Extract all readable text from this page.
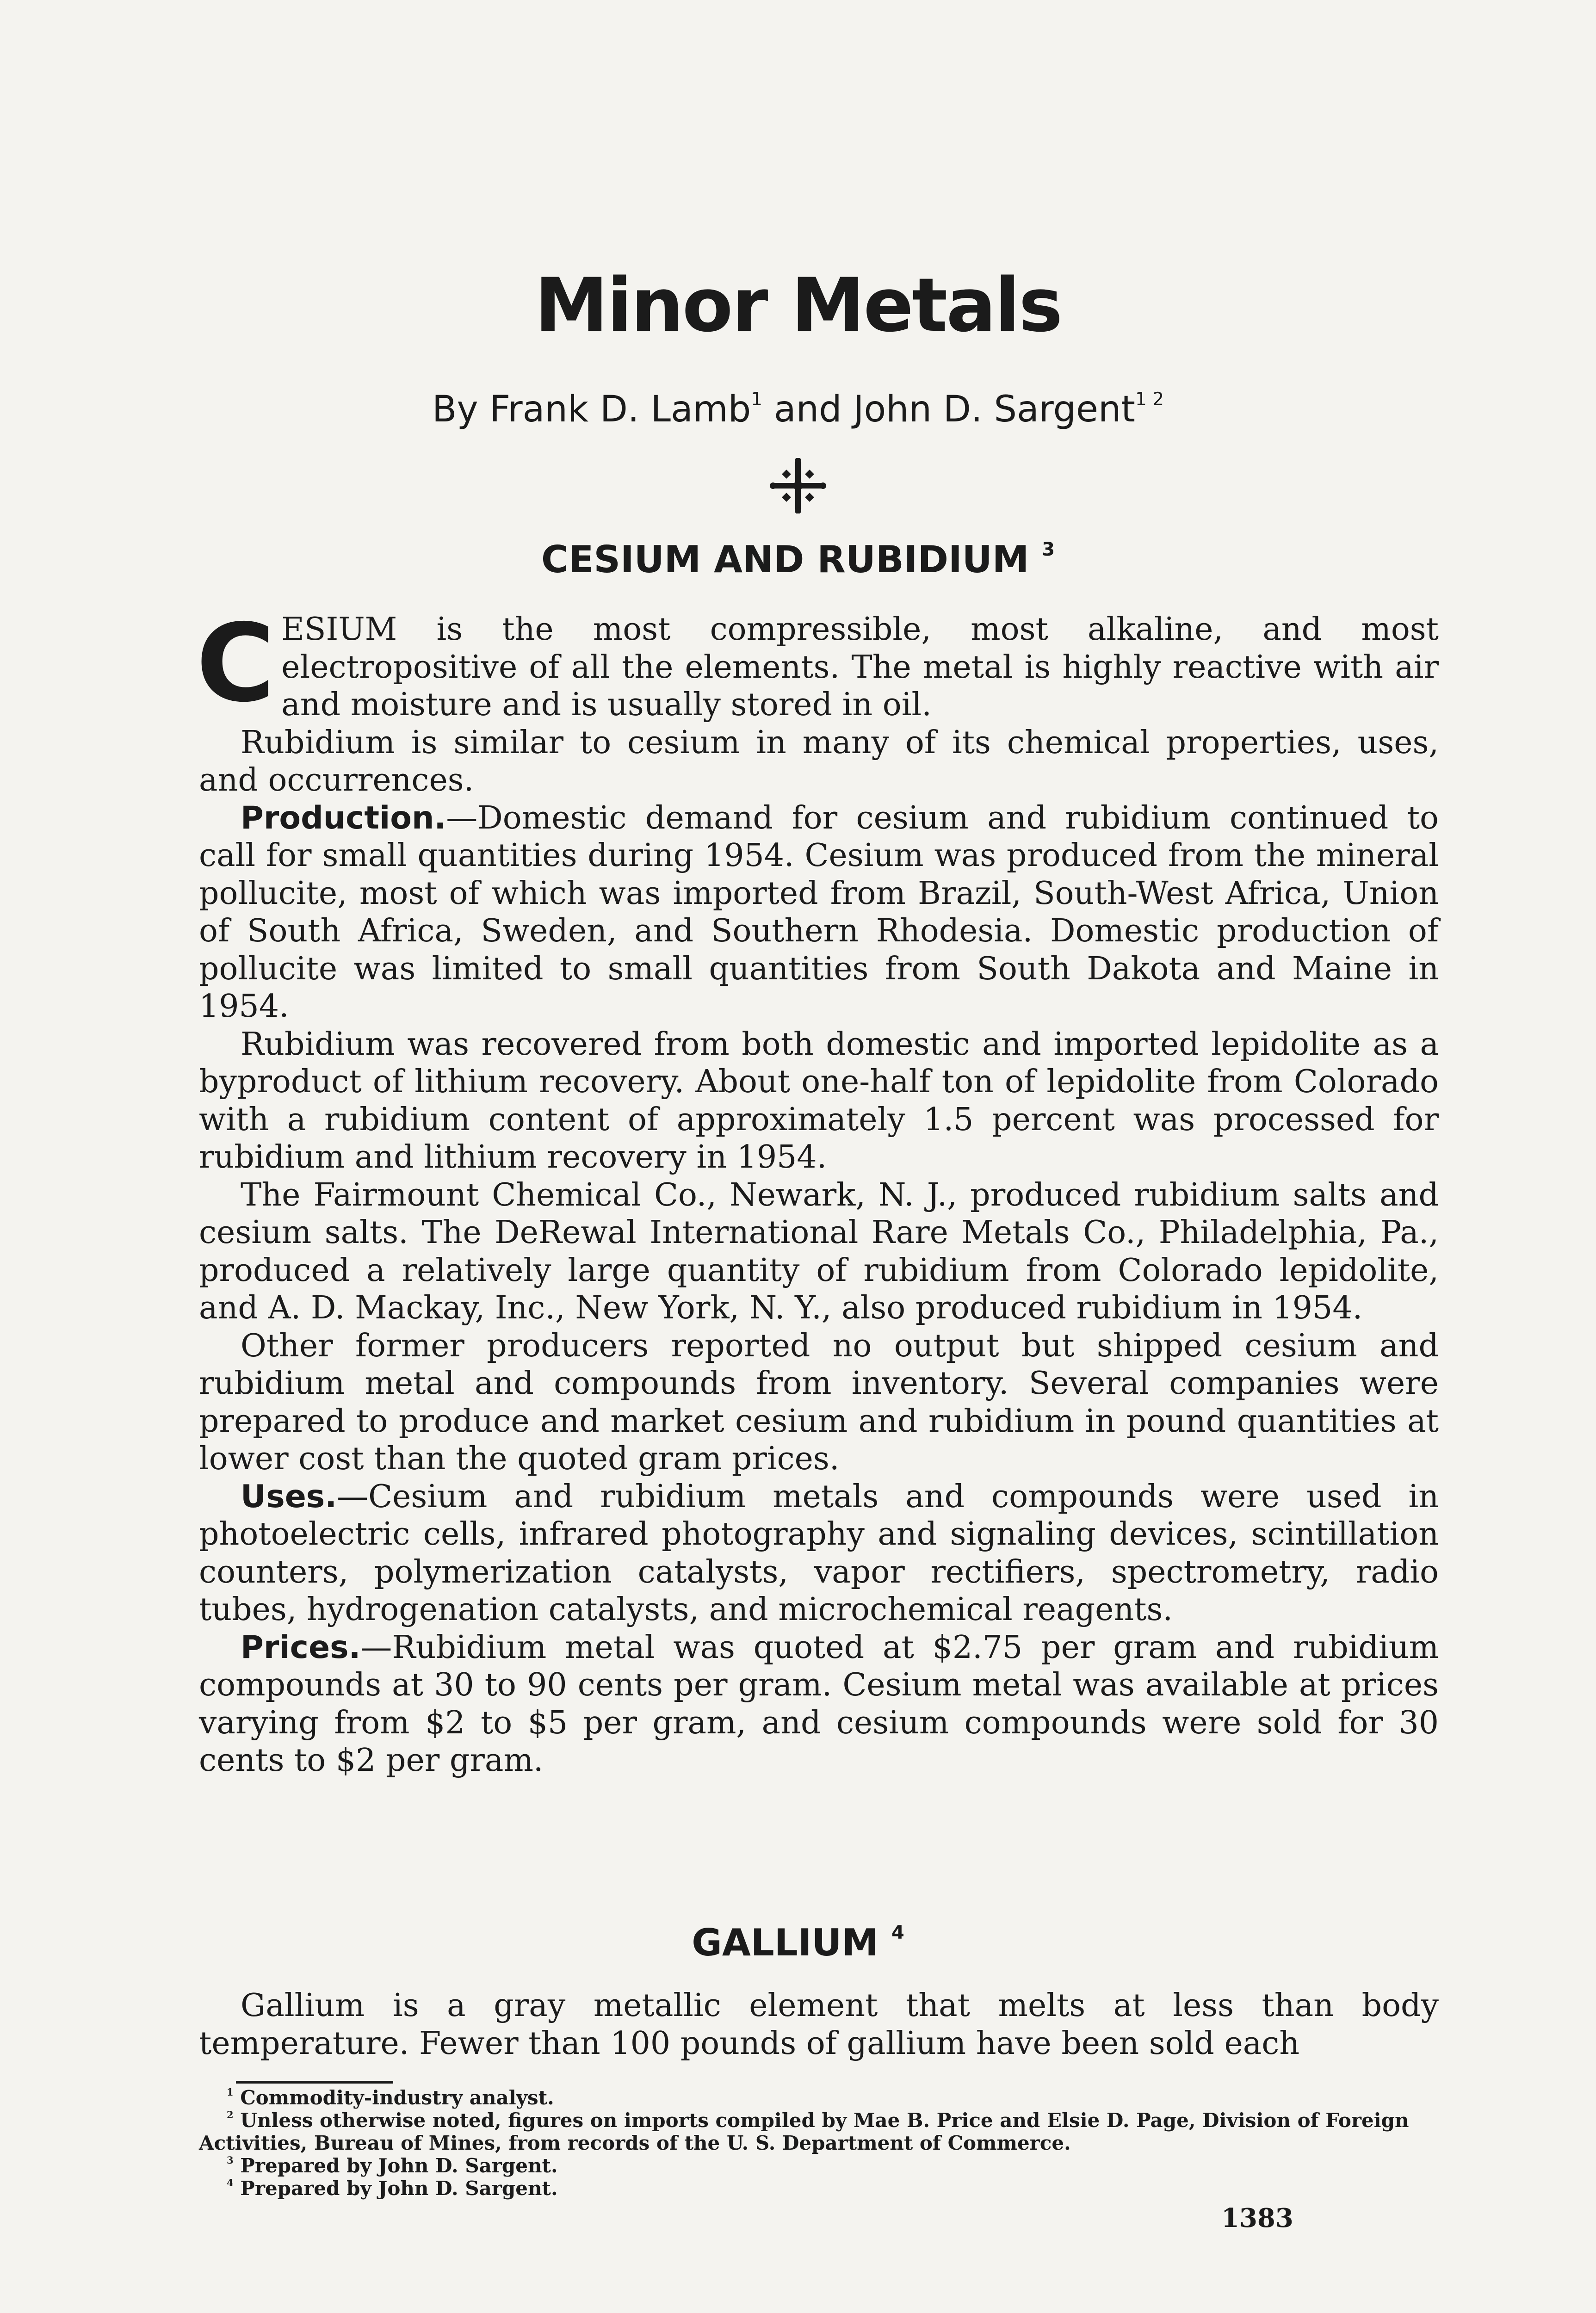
Minor Metals
By Frank D. Lamb$^1$ and John D. Sargent$^{1 2}$
CESIUM AND RUBIDIUM $^3$

CESIUM is the most compressible, most alkaline, and most electropositive of all the elements. The metal is highly reactive with air and moisture and is usually stored in oil.

Rubidium is similar to cesium in many of its chemical properties, uses, and occurrences.

Production.—Domestic demand for cesium and rubidium continued to call for small quantities during 1954. Cesium was produced from the mineral pollucite, most of which was imported from Brazil, South-West Africa, Union of South Africa, Sweden, and Southern Rhodesia. Domestic production of pollucite was limited to small quantities from South Dakota and Maine in 1954.

Rubidium was recovered from both domestic and imported lepidolite as a byproduct of lithium recovery. About one-half ton of lepidolite from Colorado with a rubidium content of approximately 1.5 percent was processed for rubidium and lithium recovery in 1954.

The Fairmount Chemical Co., Newark, N. J., produced rubidium salts and cesium salts. The DeRewal International Rare Metals Co., Philadelphia, Pa., produced a relatively large quantity of rubidium from Colorado lepidolite, and A. D. Mackay, Inc., New York, N. Y., also produced rubidium in 1954.

Other former producers reported no output but shipped cesium and rubidium metal and compounds from inventory. Several companies were prepared to produce and market cesium and rubidium in pound quantities at lower cost than the quoted gram prices.

Uses.—Cesium and rubidium metals and compounds were used in photoelectric cells, infrared photography and signaling devices, scintillation counters, polymerization catalysts, vapor rectifiers, spectrometry, radio tubes, hydrogenation catalysts, and microchemical reagents.

Prices.—Rubidium metal was quoted at $2.75 per gram and rubidium compounds at 30 to 90 cents per gram. Cesium metal was available at prices varying from $2 to $5 per gram, and cesium compounds were sold for 30 cents to $2 per gram.

GALLIUM $^4$

Gallium is a gray metallic element that melts at less than body temperature. Fewer than 100 pounds of gallium have been sold each

$^1$ Commodity-industry analyst.

$^2$ Unless otherwise noted, figures on imports compiled by Mae B. Price and Elsie D. Page, Division of Foreign Activities, Bureau of Mines, from records of the U. S. Department of Commerce.

$^3$ Prepared by John D. Sargent.

$^4$ Prepared by John D. Sargent.

1383
